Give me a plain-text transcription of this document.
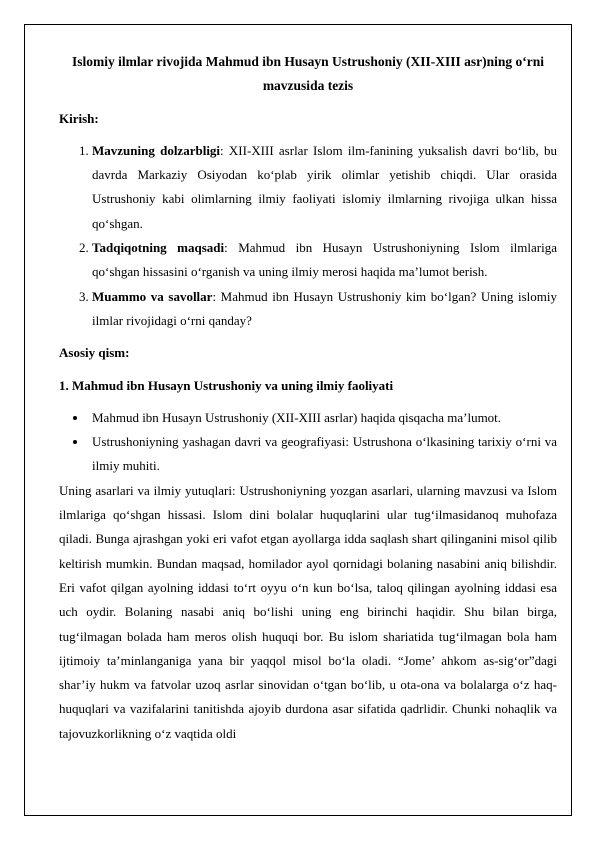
Islomiy ilmlar rivojida Mahmud ibn Husayn Ustrushoniy (XII-XIII asr)ning o‘rni mavzusida tezis

Kirish:

1. Mavzuning dolzarbligi: XII-XIII asrlar Islom ilm-fanining yuksalish davri bo‘lib, bu davrda Markaziy Osiyodan ko‘plab yirik olimlar yetishib chiqdi. Ular orasida Ustrushoniy kabi olimlarning ilmiy faoliyati islomiy ilmlarning rivojiga ulkan hissa qo‘shgan.
2. Tadqiqotning maqsadi: Mahmud ibn Husayn Ustrushoniyning Islom ilmlariga qo‘shgan hissasini o‘rganish va uning ilmiy merosi haqida ma’lumot berish.
3. Muammo va savollar: Mahmud ibn Husayn Ustrushoniy kim bo‘lgan? Uning islomiy ilmlar rivojidagi o‘rni qanday?

Asosiy qism:

1. Mahmud ibn Husayn Ustrushoniy va uning ilmiy faoliyati

Mahmud ibn Husayn Ustrushoniy (XII-XIII asrlar) haqida qisqacha ma’lumot.
Ustrushoniyning yashagan davri va geografiyasi: Ustrushona o‘lkasining tarixiy o‘rni va ilmiy muhiti.

Uning asarlari va ilmiy yutuqlari: Ustrushoniyning yozgan asarlari, ularning mavzusi va Islom ilmlariga qo‘shgan hissasi. Islom dini bolalar huquqlarini ular tug‘ilmasidanoq muhofaza qiladi. Bunga ajrashgan yoki eri vafot etgan ayollarga idda saqlash shart qilinganini misol qilib keltirish mumkin. Bundan maqsad, homilador ayol qornidagi bolaning nasabini aniq bilishdir. Eri vafot qilgan ayolning iddasi to‘rt oyyu o‘n kun bo‘lsa, taloq qilingan ayolning iddasi esa uch oydir. Bolaning nasabi aniq bo‘lishi uning eng birinchi haqidir. Shu bilan birga, tug‘ilmagan bolada ham meros olish huquqi bor. Bu islom shariatida tug‘ilmagan bola ham ijtimoiy ta’minlanganiga yana bir yaqqol misol bo‘la oladi. “Jome’ ahkom as-sig‘or”dagi shar’iy hukm va fatvolar uzoq asrlar sinovidan o‘tgan bo‘lib, u ota-ona va bolalarga o‘z haq-huquqlari va vazifalarini tanitishda ajoyib durdona asar sifatida qadrlidir. Chunki nohaqlik va tajovuzkorlikning o‘z vaqtida oldi
